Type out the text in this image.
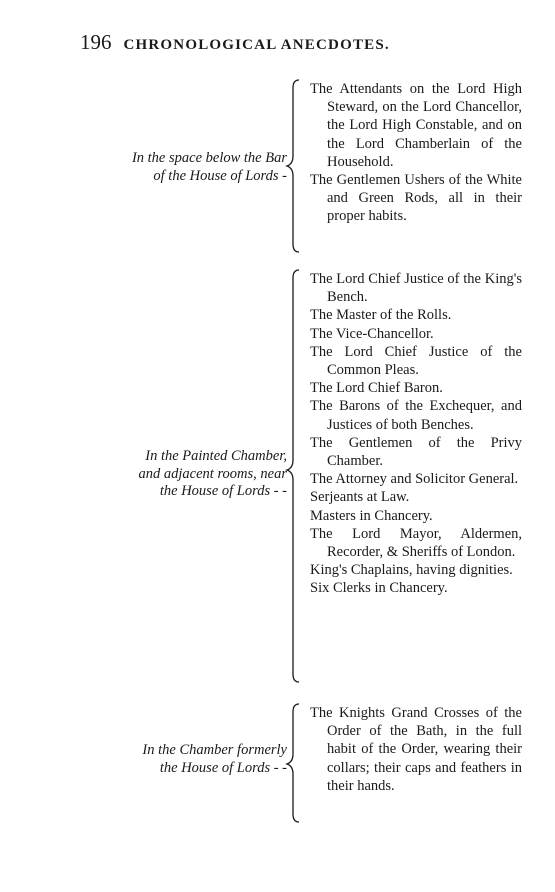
196 CHRONOLOGICAL ANECDOTES.
In the space below the Bar
of the House of Lords -
The Attendants on the Lord High Steward, on the Lord Chancellor, the Lord High Constable, and on the Lord Chamberlain of the Household.
The Gentlemen Ushers of the White and Green Rods, all in their proper habits.
In the Painted Chamber,
and adjacent rooms, near
the House of Lords - -
The Lord Chief Justice of the King's Bench.
The Master of the Rolls.
The Vice-Chancellor.
The Lord Chief Justice of the Common Pleas.
The Lord Chief Baron.
The Barons of the Exchequer, and Justices of both Benches.
The Gentlemen of the Privy Chamber.
The Attorney and Solicitor General.
Serjeants at Law.
Masters in Chancery.
The Lord Mayor, Aldermen, Recorder, & Sheriffs of London.
King's Chaplains, having dignities.
Six Clerks in Chancery.
In the Chamber formerly
the House of Lords - -
The Knights Grand Crosses of the Order of the Bath, in the full habit of the Order, wearing their collars; their caps and feathers in their hands.
